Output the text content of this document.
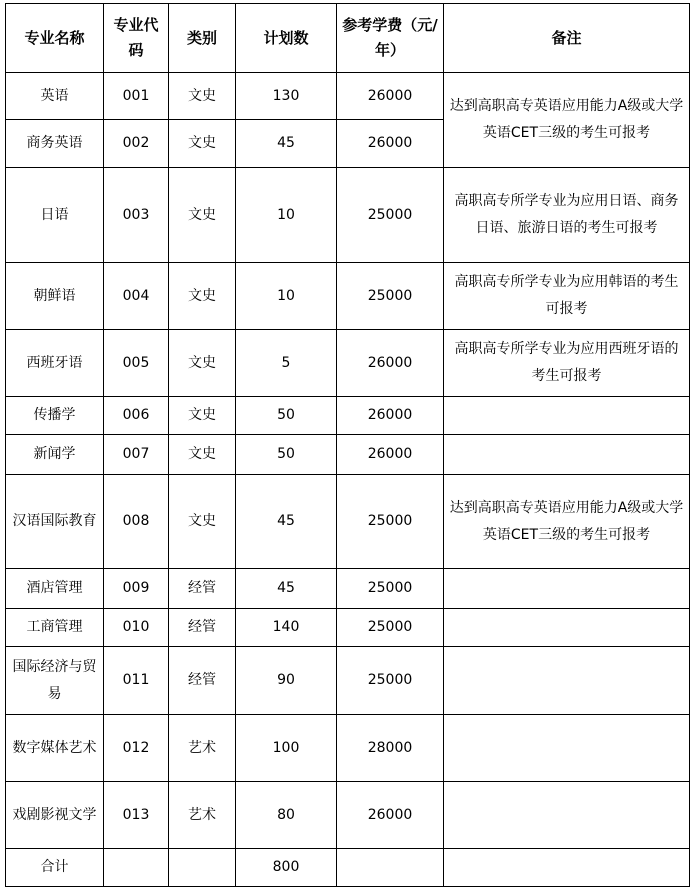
专业名称	专业代码	类别	计划数	参考学费（元/年）	备注
英语	001	文史	130	26000	达到高职高专英语应用能力A级或大学英语CET三级的考生可报考
商务英语	002	文史	45	26000	
日语	003	文史	10	25000	高职高专所学专业为应用日语、商务日语、旅游日语的考生可报考
朝鲜语	004	文史	10	25000	高职高专所学专业为应用韩语的考生可报考
西班牙语	005	文史	5	26000	高职高专所学专业为应用西班牙语的考生可报考
传播学	006	文史	50	26000	
新闻学	007	文史	50	26000	
汉语国际教育	008	文史	45	25000	达到高职高专英语应用能力A级或大学英语CET三级的考生可报考
酒店管理	009	经管	45	25000	
工商管理	010	经管	140	25000	
国际经济与贸易	011	经管	90	25000	
数字媒体艺术	012	艺术	100	28000	
戏剧影视文学	013	艺术	80	26000	
合计			800		
